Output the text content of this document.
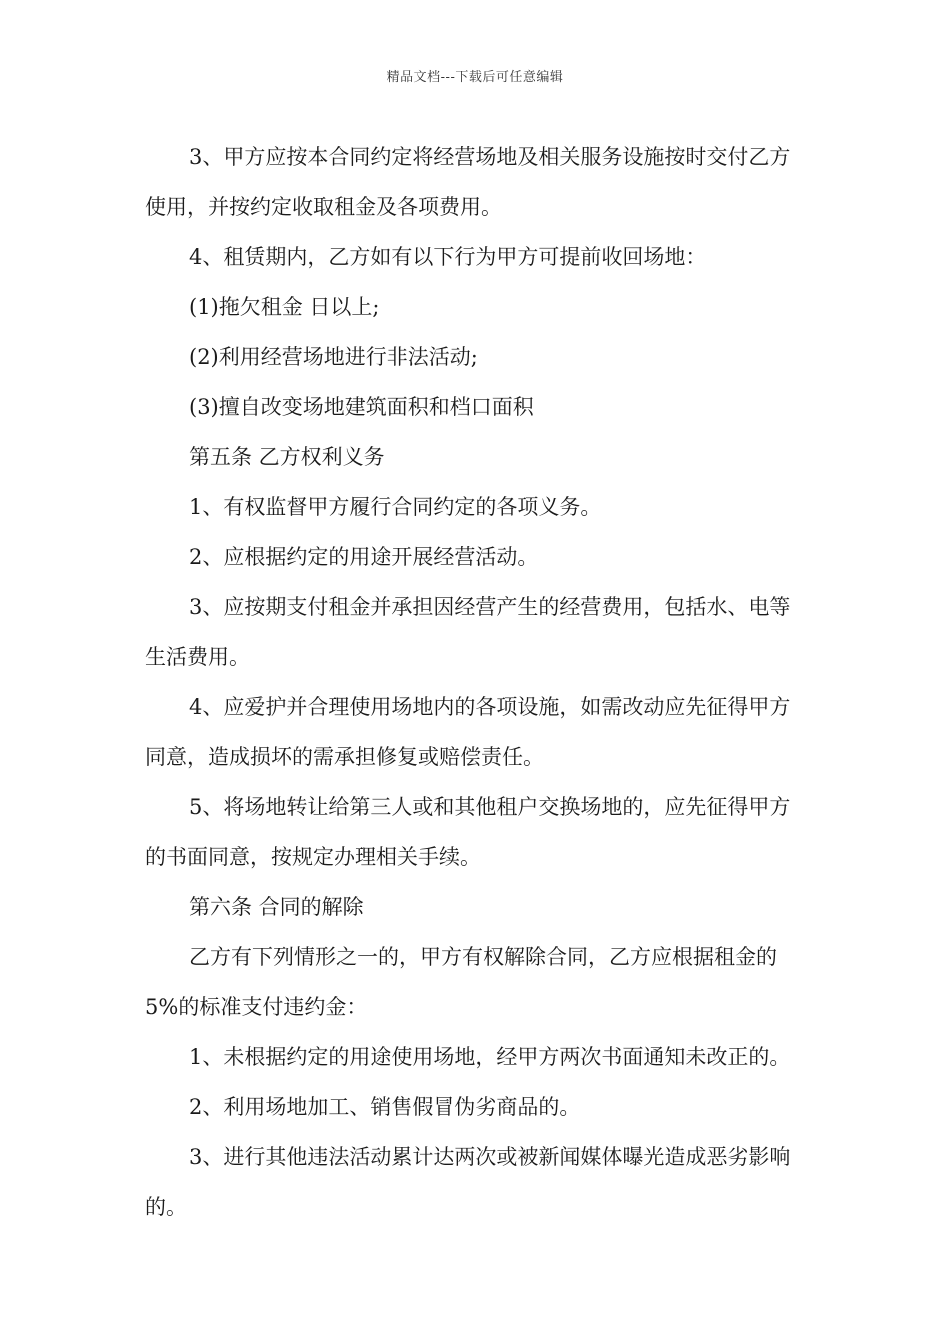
精品文档---下载后可任意编辑

3、甲方应按本合同约定将经营场地及相关服务设施按时交付乙方使用，并按约定收取租金及各项费用。

4、租赁期内，乙方如有以下行为甲方可提前收回场地：

(1)拖欠租金 日以上;

(2)利用经营场地进行非法活动;

(3)擅自改变场地建筑面积和档口面积

第五条 乙方权利义务

1、有权监督甲方履行合同约定的各项义务。

2、应根据约定的用途开展经营活动。

3、应按期支付租金并承担因经营产生的经营费用，包括水、电等生活费用。

4、应爱护并合理使用场地内的各项设施，如需改动应先征得甲方同意，造成损坏的需承担修复或赔偿责任。

5、将场地转让给第三人或和其他租户交换场地的，应先征得甲方的书面同意，按规定办理相关手续。

第六条 合同的解除

乙方有下列情形之一的，甲方有权解除合同，乙方应根据租金的 5%的标准支付违约金：

1、未根据约定的用途使用场地，经甲方两次书面通知未改正的。

2、利用场地加工、销售假冒伪劣商品的。

3、进行其他违法活动累计达两次或被新闻媒体曝光造成恶劣影响的。
